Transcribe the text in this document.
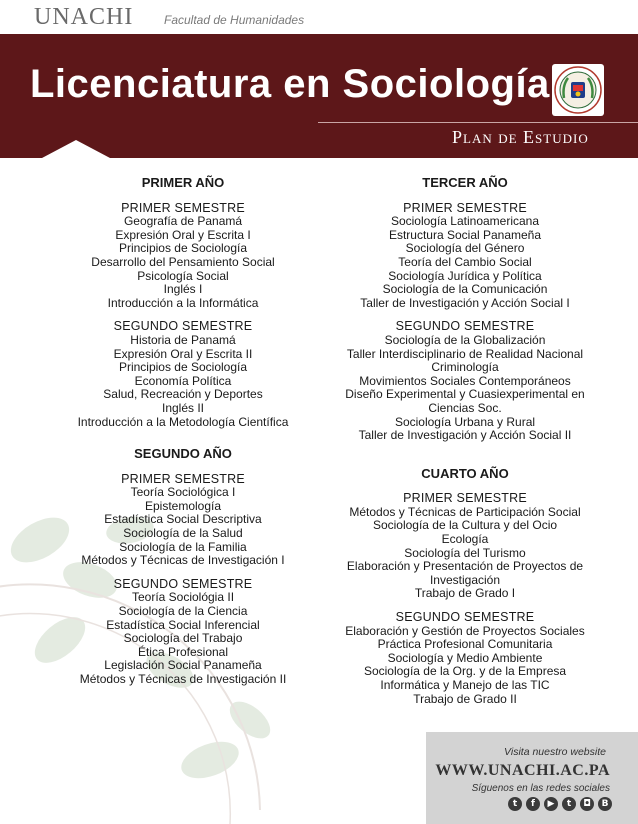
UNACHI	Facultad de Humanidades
Licenciatura en Sociología
Plan de Estudio
PRIMER AÑO
PRIMER SEMESTRE
Geografía de Panamá
Expresión Oral y Escrita I
Principios de Sociología
Desarrollo del Pensamiento Social
Psicología Social
Inglés I
Introducción a la Informática
SEGUNDO SEMESTRE
Historia de Panamá
Expresión Oral y Escrita II
Principios de Sociología
Economía Política
Salud, Recreación y Deportes
Inglés II
Introducción a la Metodología Científica
SEGUNDO AÑO
PRIMER SEMESTRE
Teoría Sociológica I
Epistemología
Estadística Social Descriptiva
Sociología de la Salud
Sociología de la Familia
Métodos y Técnicas de Investigación I
SEGUNDO SEMESTRE
Teoría Sociológia II
Sociología de la Ciencia
Estadística Social Inferencial
Sociología del Trabajo
Ética Profesional
Legislación Social Panameña
Métodos y Técnicas de Investigación II
TERCER AÑO
PRIMER SEMESTRE
Sociología Latinoamericana
Estructura Social Panameña
Sociología del Género
Teoría del Cambio Social
Sociología Jurídica y Política
Sociología de la Comunicación
Taller de Investigación y Acción Social I
SEGUNDO SEMESTRE
Sociología de la Globalización
Taller Interdisciplinario de Realidad Nacional
Criminología
Movimientos Sociales Contemporáneos
Diseño Experimental y Cuasiexperimental en Ciencias Soc.
Sociología Urbana y Rural
Taller de Investigación y Acción Social II
CUARTO AÑO
PRIMER SEMESTRE
Métodos y Técnicas de Participación Social
Sociología de la Cultura y del Ocio
Ecología
Sociología del Turismo
Elaboración y Presentación de Proyectos de Investigación
Trabajo de Grado I
SEGUNDO SEMESTRE
Elaboración y Gestión de Proyectos Sociales
Práctica Profesional Comunitaria
Sociología y Medio Ambiente
Sociología de la Org. y de la Empresa
Informática y Manejo de las TIC
Trabajo de Grado II
Visita nuestro website
WWW.UNACHI.AC.PA
Síguenos en las redes sociales
t	f	▶	t	◘	B
